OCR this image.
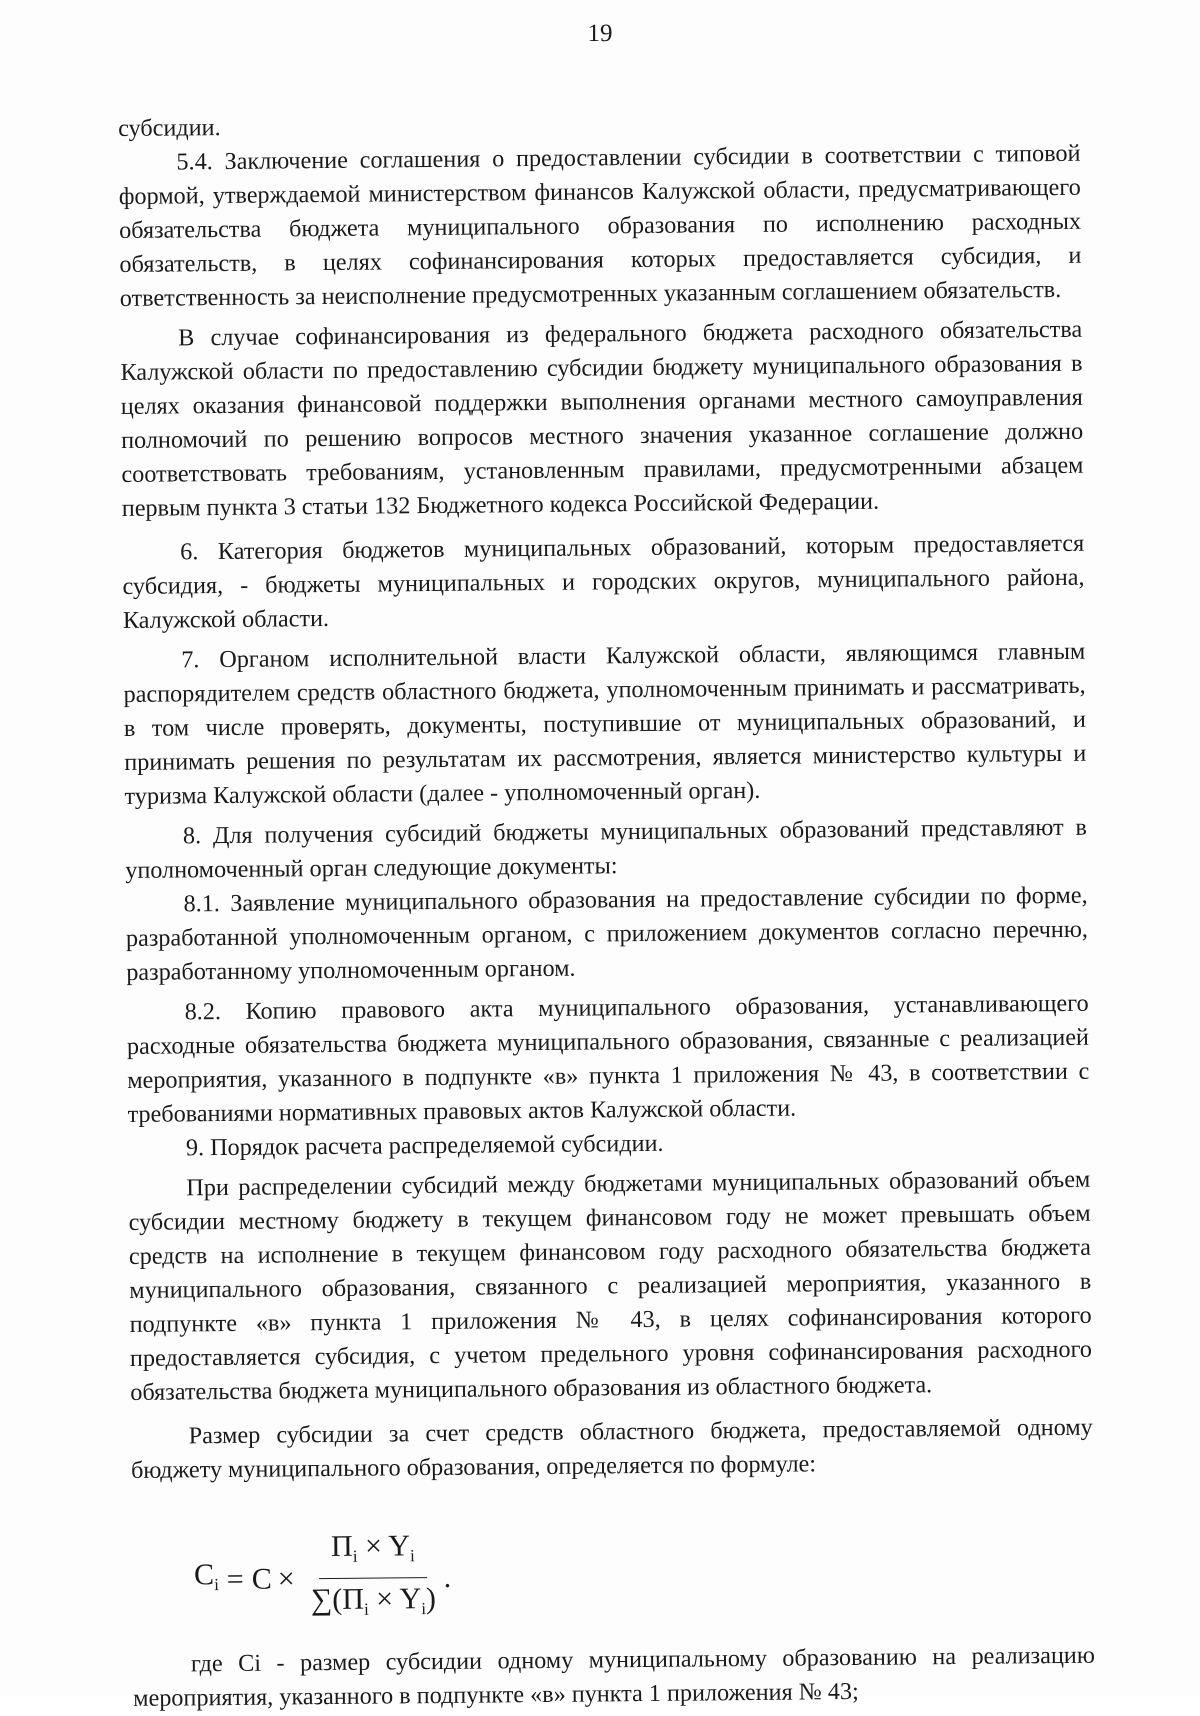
19

субсидии.

5.4. Заключение соглашения о предоставлении субсидии в соответствии с типовой формой, утверждаемой министерством финансов Калужской области, предусматривающего обязательства бюджета муниципального образования по исполнению расходных обязательств, в целях софинансирования которых предоставляется субсидия, и ответственность за неисполнение предусмотренных указанным соглашением обязательств.

В случае софинансирования из федерального бюджета расходного обязательства Калужской области по предоставлению субсидии бюджету муниципального образования в целях оказания финансовой поддержки выполнения органами местного самоуправления полномочий по решению вопросов местного значения указанное соглашение должно соответствовать требованиям, установленным правилами, предусмотренными абзацем первым пункта 3 статьи 132 Бюджетного кодекса Российской Федерации.

6. Категория бюджетов муниципальных образований, которым предоставляется субсидия, - бюджеты муниципальных и городских округов, муниципального района, Калужской области.

7. Органом исполнительной власти Калужской области, являющимся главным распорядителем средств областного бюджета, уполномоченным принимать и рассматривать, в том числе проверять, документы, поступившие от муниципальных образований, и принимать решения по результатам их рассмотрения, является министерство культуры и туризма Калужской области (далее - уполномоченный орган).

8. Для получения субсидий бюджеты муниципальных образований представляют в уполномоченный орган следующие документы:

8.1. Заявление муниципального образования на предоставление субсидии по форме, разработанной уполномоченным органом, с приложением документов согласно перечню, разработанному уполномоченным органом.

8.2. Копию правового акта муниципального образования, устанавливающего расходные обязательства бюджета муниципального образования, связанные с реализацией мероприятия, указанного в подпункте «в» пункта 1 приложения № 43, в соответствии с требованиями нормативных правовых актов Калужской области.

9. Порядок расчета распределяемой субсидии.

При распределении субсидий между бюджетами муниципальных образований объем субсидии местному бюджету в текущем финансовом году не может превышать объем средств на исполнение в текущем финансовом году расходного обязательства бюджета муниципального образования, связанного с реализацией мероприятия, указанного в подпункте «в» пункта 1 приложения № 43, в целях софинансирования которого предоставляется субсидия, с учетом предельного уровня софинансирования расходного обязательства бюджета муниципального образования из областного бюджета.

Размер субсидии за счет средств областного бюджета, предоставляемой одному бюджету муниципального образования, определяется по формуле:

$C_i = C \times \frac{П_i \times Y_i}{\sum(П_i \times Y_i)}$ .

где Ci - размер субсидии одному муниципальному образованию на реализацию мероприятия, указанного в подпункте «в» пункта 1 приложения № 43;
